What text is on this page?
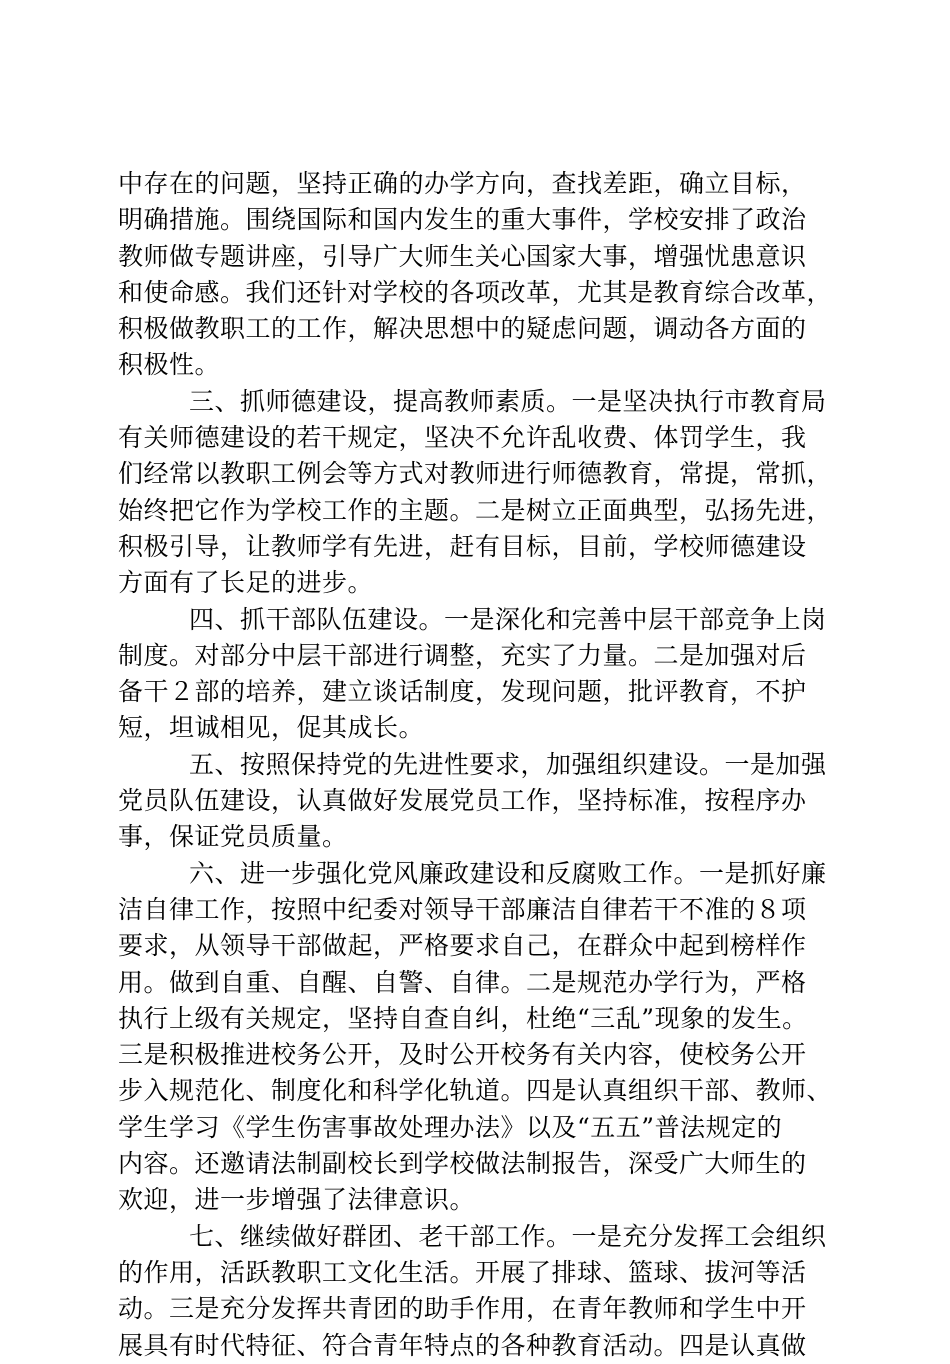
中存在的问题，坚持正确的办学方向，查找差距，确立目标，
明确措施。围绕国际和国内发生的重大事件，学校安排了政治
教师做专题讲座，引导广大师生关心国家大事，增强忧患意识
和使命感。我们还针对学校的各项改革，尤其是教育综合改革，
积极做教职工的工作，解决思想中的疑虑问题，调动各方面的
积极性。
三、抓师德建设，提高教师素质。一是坚决执行市教育局
有关师德建设的若干规定，坚决不允许乱收费、体罚学生，我
们经常以教职工例会等方式对教师进行师德教育，常提，常抓，
始终把它作为学校工作的主题。二是树立正面典型，弘扬先进，
积极引导，让教师学有先进，赶有目标，目前，学校师德建设
方面有了长足的进步。
四、抓干部队伍建设。一是深化和完善中层干部竞争上岗
制度。对部分中层干部进行调整，充实了力量。二是加强对后
备干２部的培养，建立谈话制度，发现问题，批评教育，不护
短，坦诚相见，促其成长。
五、按照保持党的先进性要求，加强组织建设。一是加强
党员队伍建设，认真做好发展党员工作，坚持标准，按程序办
事，保证党员质量。
六、进一步强化党风廉政建设和反腐败工作。一是抓好廉
洁自律工作，按照中纪委对领导干部廉洁自律若干不准的８项
要求，从领导干部做起，严格要求自己，在群众中起到榜样作
用。做到自重、自醒、自警、自律。二是规范办学行为，严格
执行上级有关规定，坚持自查自纠，杜绝“三乱”现象的发生。
三是积极推进校务公开，及时公开校务有关内容，使校务公开
步入规范化、制度化和科学化轨道。四是认真组织干部、教师、
学生学习《学生伤害事故处理办法》以及“五五”普法规定的
内容。还邀请法制副校长到学校做法制报告，深受广大师生的
欢迎，进一步增强了法律意识。
七、继续做好群团、老干部工作。一是充分发挥工会组织
的作用，活跃教职工文化生活。开展了排球、篮球、拔河等活
动。三是充分发挥共青团的助手作用，在青年教师和学生中开
展具有时代特征、符合青年特点的各种教育活动。四是认真做
